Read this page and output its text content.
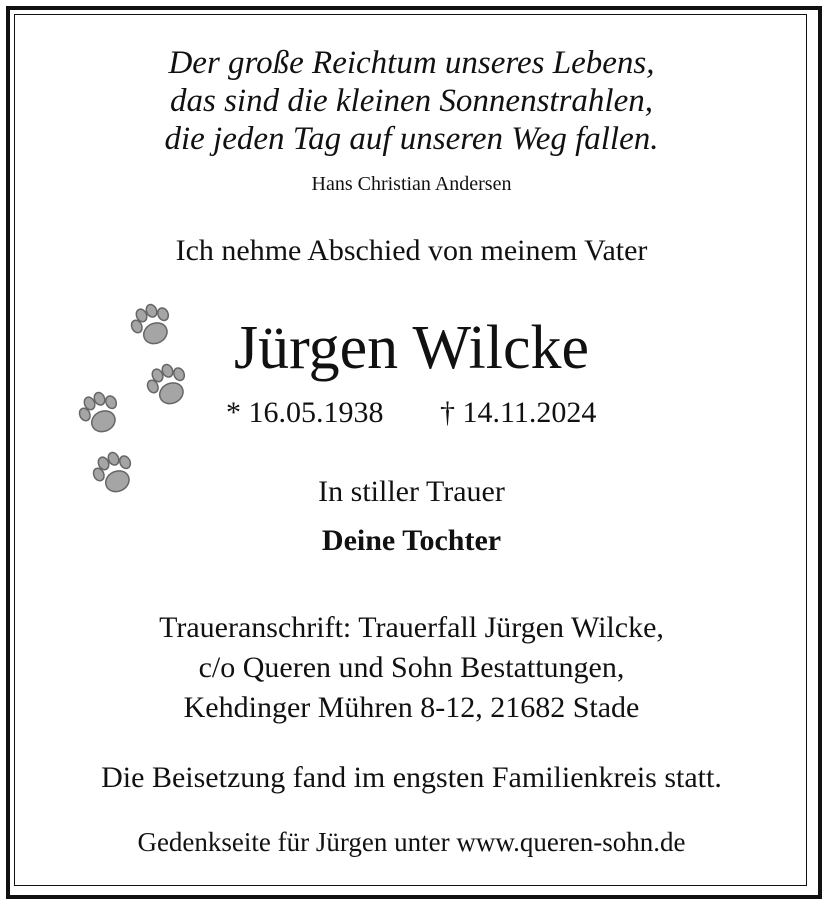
Der große Reichtum unseres Lebens,
das sind die kleinen Sonnenstrahlen,
die jeden Tag auf unseren Weg fallen.
Hans Christian Andersen
Ich nehme Abschied von meinem Vater
Jürgen Wilcke
* 16.05.1938 † 14.11.2024
In stiller Trauer
Deine Tochter
Traueranschrift: Trauerfall Jürgen Wilcke,
c/o Queren und Sohn Bestattungen,
Kehdinger Mühren 8-12, 21682 Stade
Die Beisetzung fand im engsten Familienkreis statt.
Gedenkseite für Jürgen unter www.queren-sohn.de
